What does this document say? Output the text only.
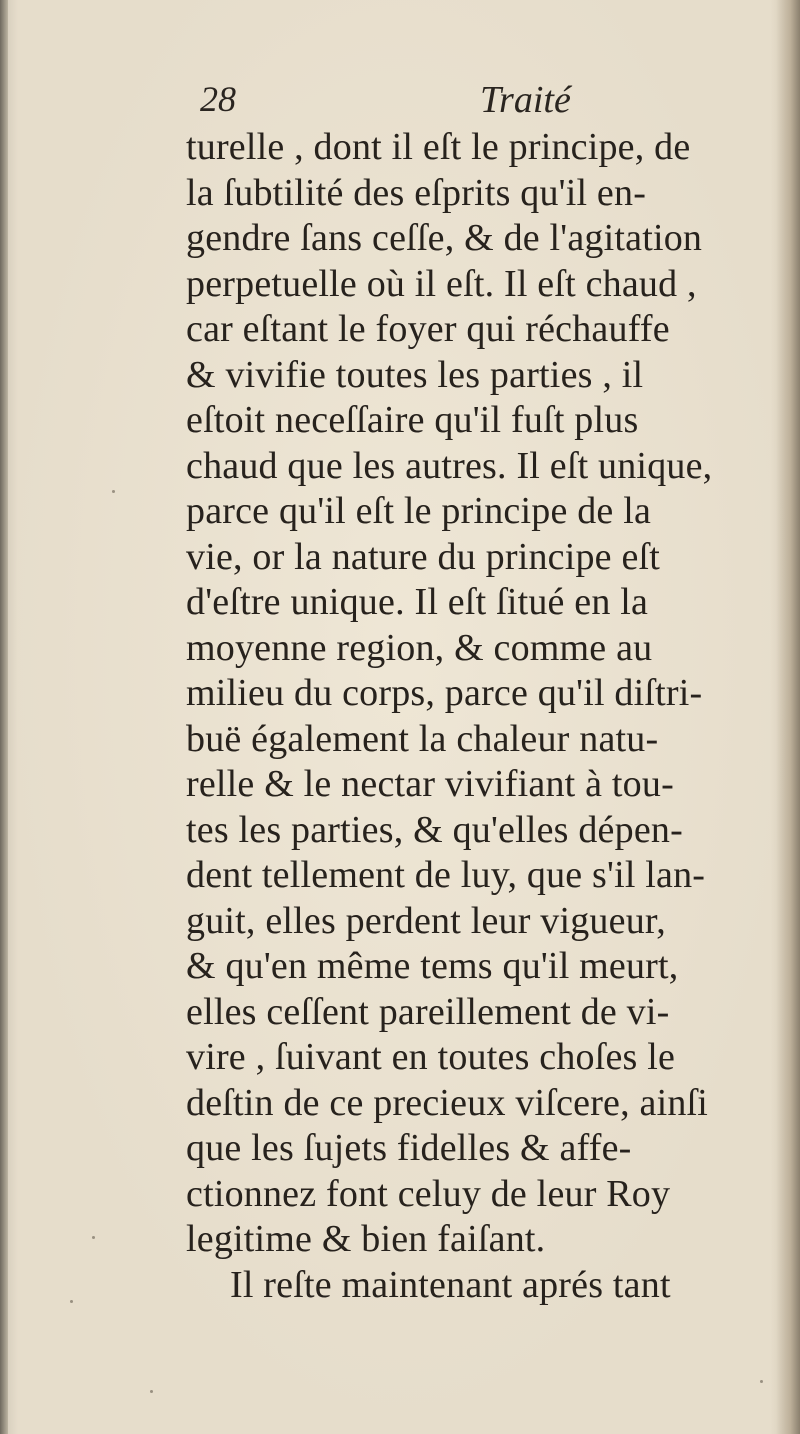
28	Traité
turelle , dont il eſt le principe, de
la ſubtilité des eſprits qu'il en-
gendre ſans ceſſe, & de l'agitation
perpetuelle où il eſt. Il eſt chaud ,
car eſtant le foyer qui réchauffe
& vivifie toutes les parties , il
eſtoit neceſſaire qu'il fuſt plus
chaud que les autres. Il eſt unique,
parce qu'il eſt le principe de la
vie, or la nature du principe eſt
d'eſtre unique. Il eſt ſitué en la
moyenne region, & comme au
milieu du corps, parce qu'il diſtri-
buë également la chaleur natu-
relle & le nectar vivifiant à tou-
tes les parties, & qu'elles dépen-
dent tellement de luy, que s'il lan-
guit, elles perdent leur vigueur,
& qu'en même tems qu'il meurt,
elles ceſſent pareillement de vi-
vire , ſuivant en toutes choſes le
deſtin de ce precieux viſcere, ainſi
que les ſujets fidelles & affe-
ctionnez font celuy de leur Roy
legitime & bien faiſant.
Il reſte maintenant aprés tant
